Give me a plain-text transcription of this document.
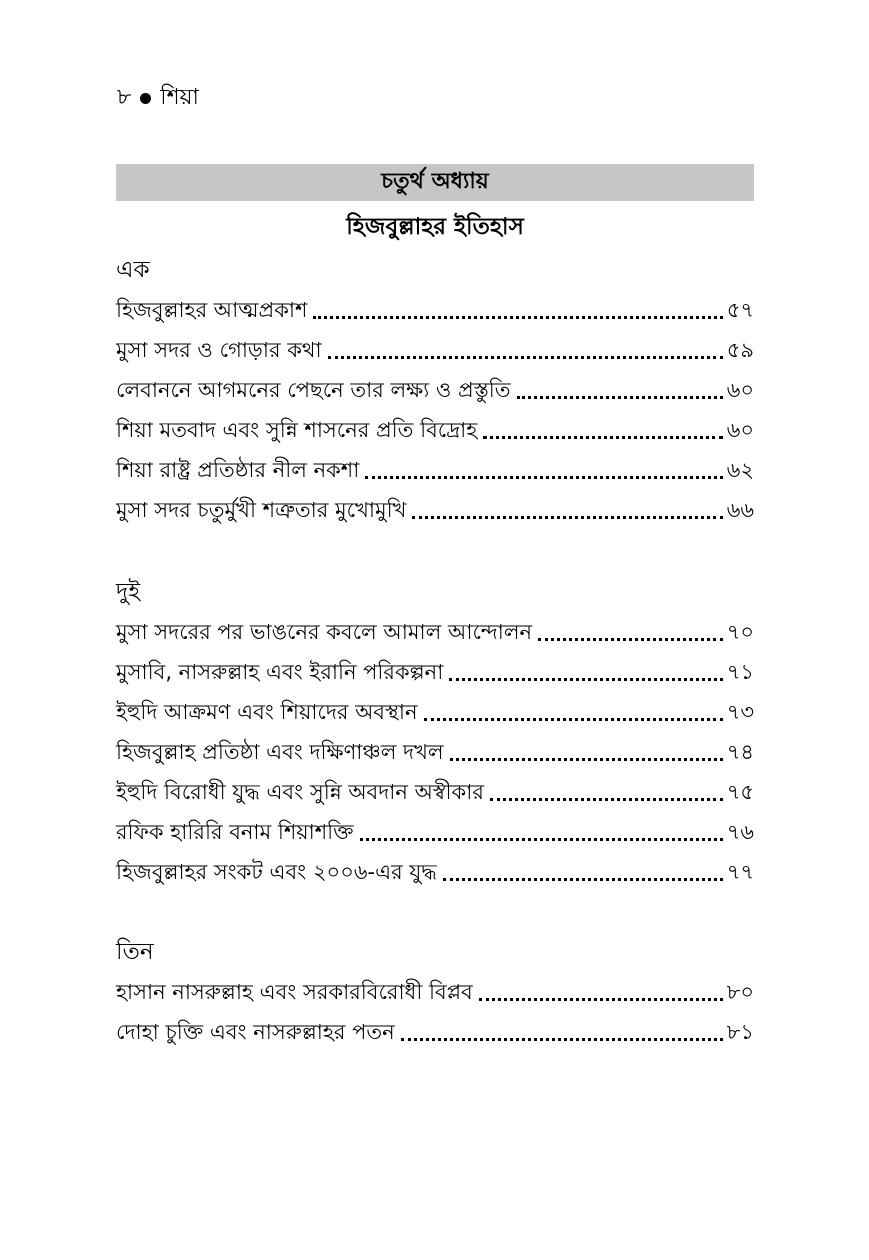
৮ শিয়া
চতুর্থ অধ্যায়
হিজবুল্লাহর ইতিহাস
এক
হিজবুল্লাহর আত্মপ্রকাশ	৫৭
মুসা সদর ও গোড়ার কথা	৫৯
লেবাননে আগমনের পেছনে তার লক্ষ্য ও প্রস্তুতি	৬০
শিয়া মতবাদ এবং সুন্নি শাসনের প্রতি বিদ্রোহ	৬০
শিয়া রাষ্ট্র প্রতিষ্ঠার নীল নকশা	৬২
মুসা সদর চতুর্মুখী শত্রুতার মুখোমুখি	৬৬
দুই
মুসা সদরের পর ভাঙনের কবলে আমাল আন্দোলন	৭০
মুসাবি, নাসরুল্লাহ এবং ইরানি পরিকল্পনা	৭১
ইহুদি আক্রমণ এবং শিয়াদের অবস্থান	৭৩
হিজবুল্লাহ প্রতিষ্ঠা এবং দক্ষিণাঞ্চল দখল	৭৪
ইহুদি বিরোধী যুদ্ধ এবং সুন্নি অবদান অস্বীকার	৭৫
রফিক হারিরি বনাম শিয়াশক্তি	৭৬
হিজবুল্লাহর সংকট এবং ২০০৬-এর যুদ্ধ	৭৭
তিন
হাসান নাসরুল্লাহ এবং সরকারবিরোধী বিপ্লব	৮০
দোহা চুক্তি এবং নাসরুল্লাহর পতন	৮১
